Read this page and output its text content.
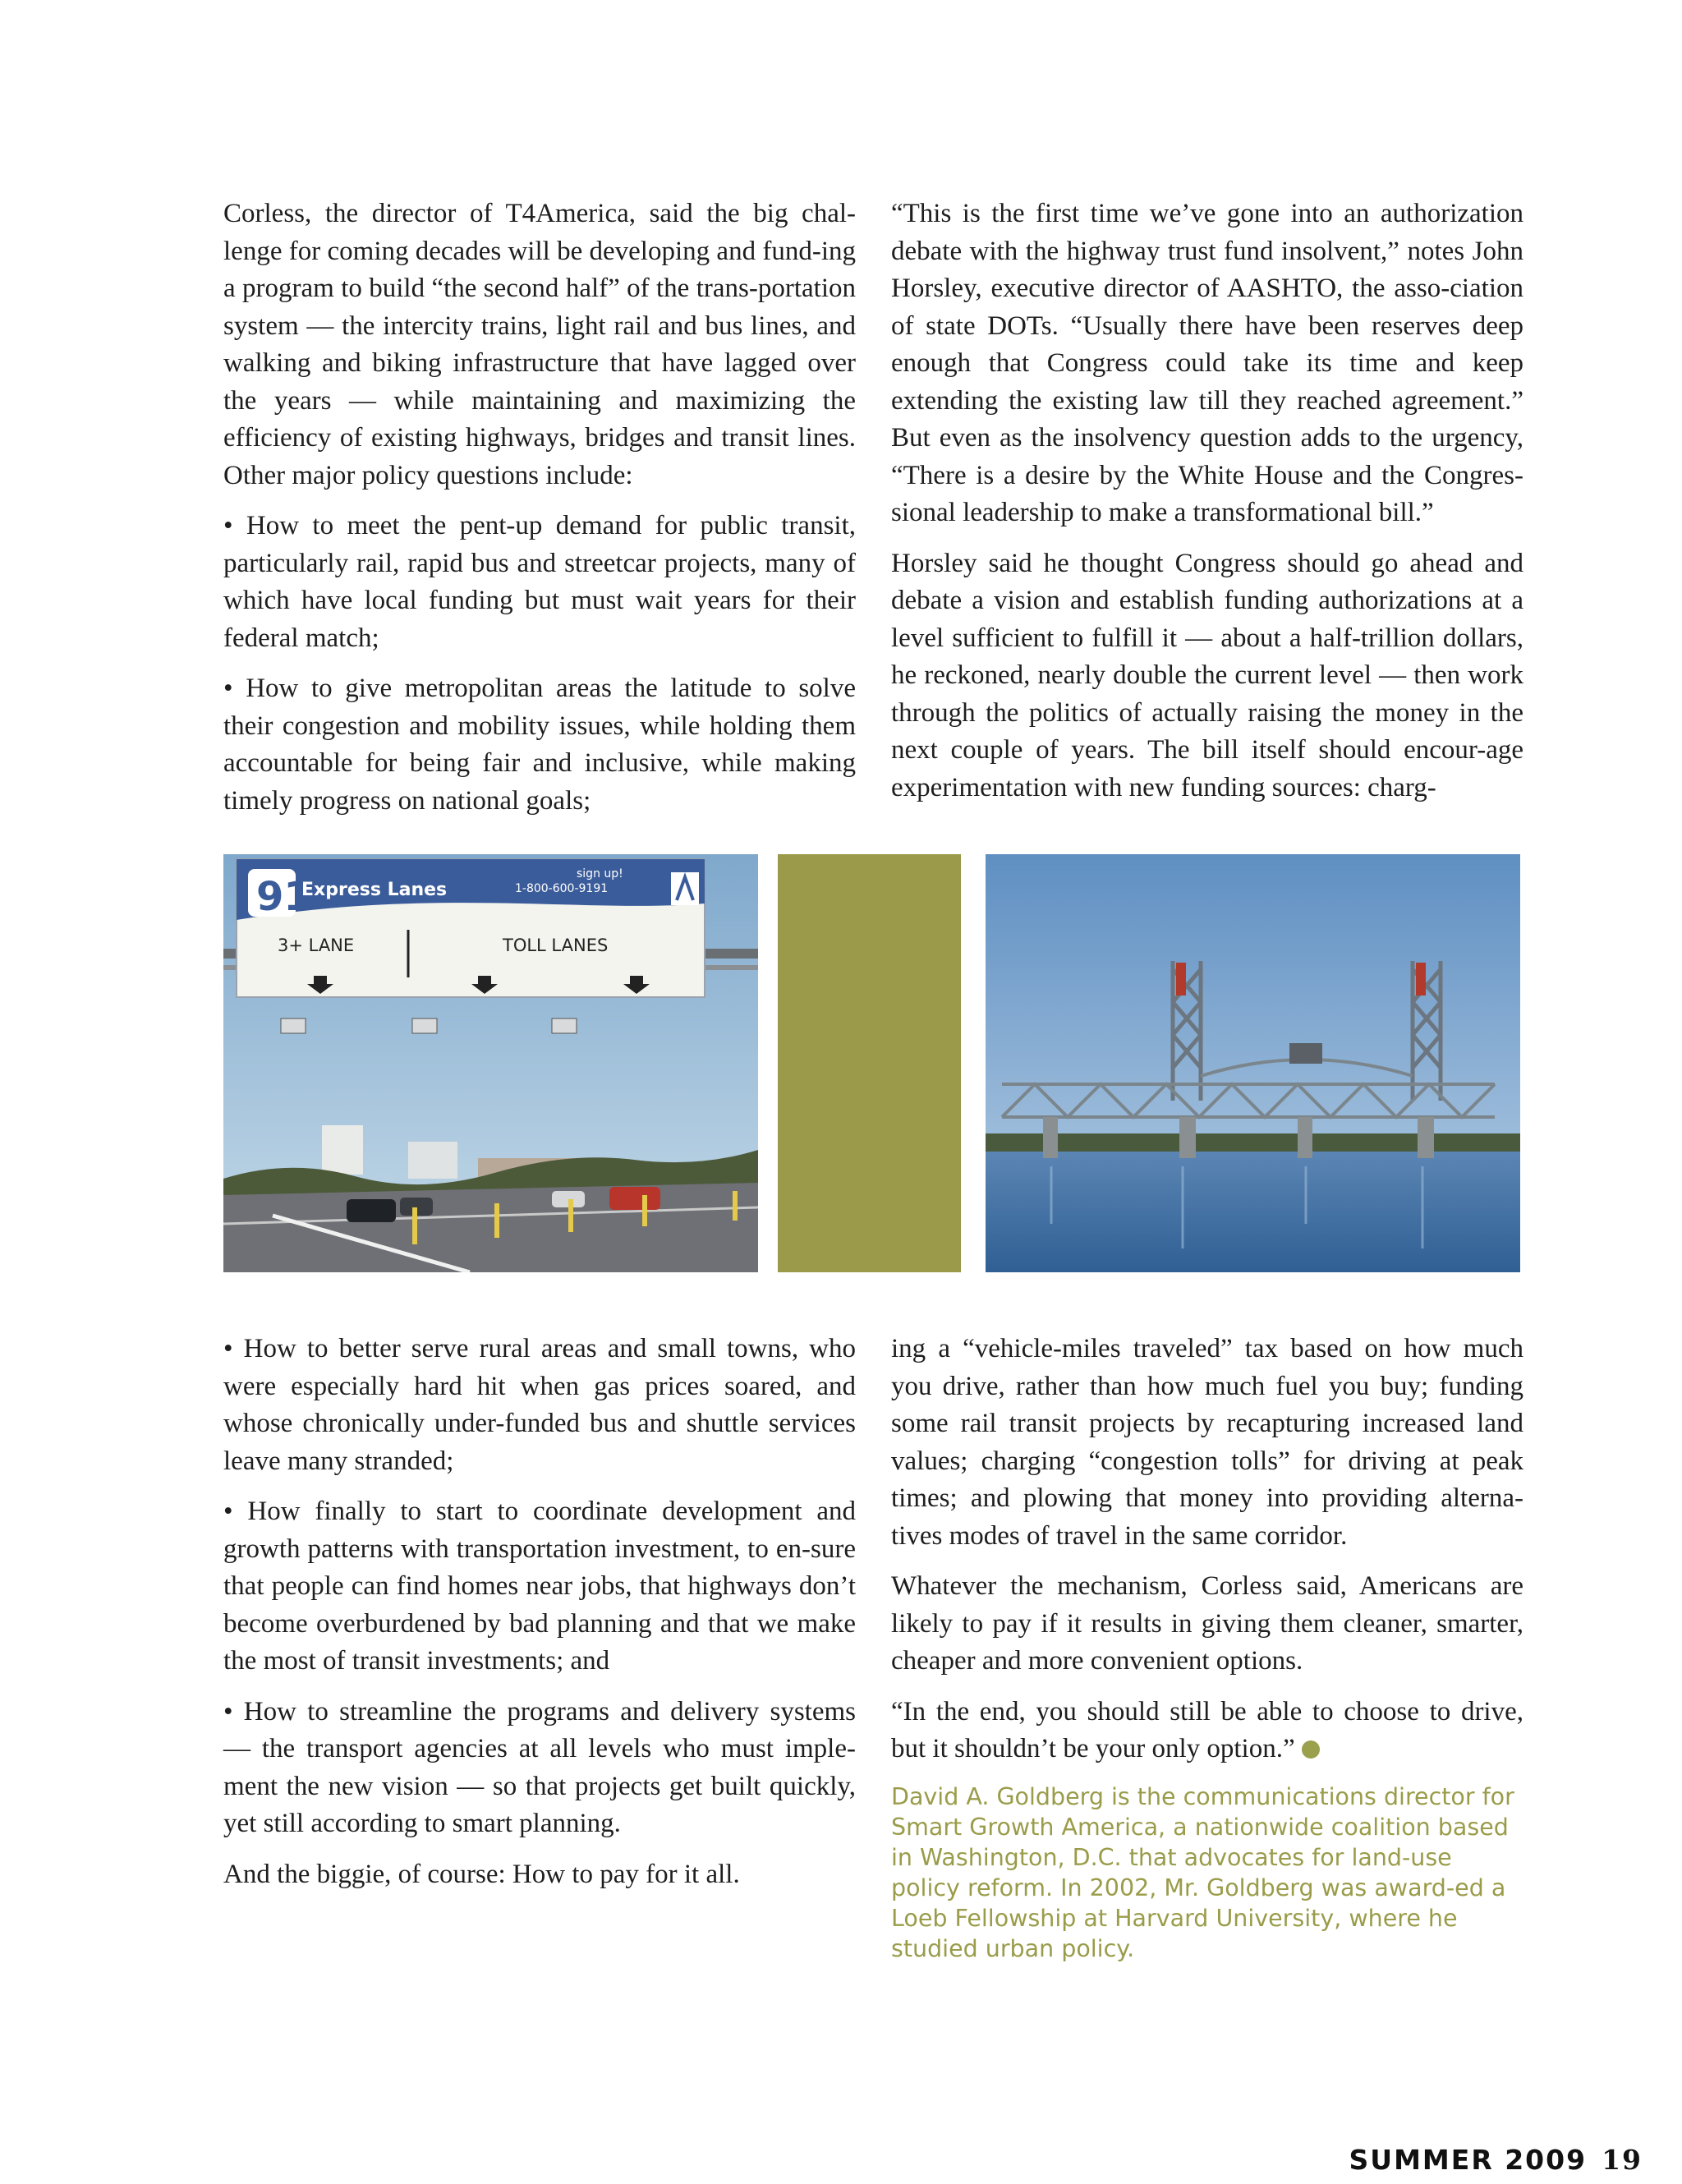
Corless, the director of T4America, said the big chal-lenge for coming decades will be developing and fund-ing a program to build “the second half” of the trans-portation system — the intercity trains, light rail and bus lines, and walking and biking infrastructure that have lagged over the years — while maintaining and maximizing the efficiency of existing highways, bridges and transit lines. Other major policy questions include:

• How to meet the pent-up demand for public transit, particularly rail, rapid bus and streetcar projects, many of which have local funding but must wait years for their federal match;

• How to give metropolitan areas the latitude to solve their congestion and mobility issues, while holding them accountable for being fair and inclusive, while making timely progress on national goals;

“This is the first time we’ve gone into an authorization debate with the highway trust fund insolvent,” notes John Horsley, executive director of AASHTO, the asso-ciation of state DOTs. “Usually there have been reserves deep enough that Congress could take its time and keep extending the existing law till they reached agreement.” But even as the insolvency question adds to the urgency, “There is a desire by the White House and the Congres-sional leadership to make a transformational bill.”

Horsley said he thought Congress should go ahead and debate a vision and establish funding authorizations at a level sufficient to fulfill it — about a half-trillion dollars, he reckoned, nearly double the current level — then work through the politics of actually raising the money in the next couple of years. The bill itself should encour-age experimentation with new funding sources: charg-

91
Express Lanes
sign up!
1-800-600-9191
3+ LANE	TOLL LANES

• How to better serve rural areas and small towns, who were especially hard hit when gas prices soared, and whose chronically under-funded bus and shuttle services leave many stranded;

• How finally to start to coordinate development and growth patterns with transportation investment, to en-sure that people can find homes near jobs, that highways don’t become overburdened by bad planning and that we make the most of transit investments; and

• How to streamline the programs and delivery systems — the transport agencies at all levels who must imple-ment the new vision — so that projects get built quickly, yet still according to smart planning.

And the biggie, of course: How to pay for it all.

ing a “vehicle-miles traveled” tax based on how much you drive, rather than how much fuel you buy; funding some rail transit projects by recapturing increased land values; charging “congestion tolls” for driving at peak times; and plowing that money into providing alterna-tives modes of travel in the same corridor.

Whatever the mechanism, Corless said, Americans are likely to pay if it results in giving them cleaner, smarter, cheaper and more convenient options.

“In the end, you should still be able to choose to drive, but it shouldn’t be your only option.”

David A. Goldberg is the communications director for Smart Growth America, a nationwide coalition based in Washington, D.C. that advocates for land-use policy reform. In 2002, Mr. Goldberg was award-ed a Loeb Fellowship at Harvard University, where he studied urban policy.
SUMMER 2009 19
